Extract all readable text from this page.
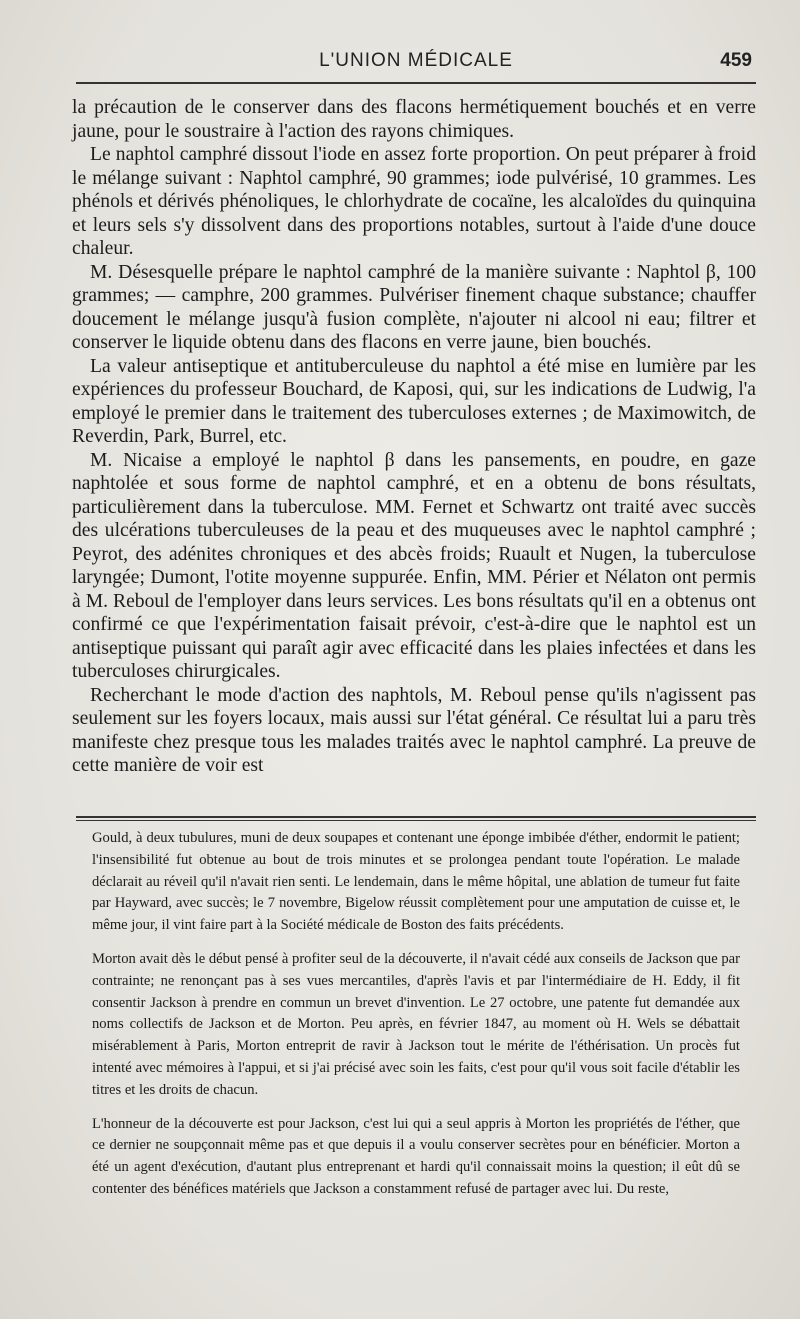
L'UNION MÉDICALE	459

la précaution de le conserver dans des flacons hermétiquement bouchés et en verre jaune, pour le soustraire à l'action des rayons chimiques.

Le naphtol camphré dissout l'iode en assez forte proportion. On peut préparer à froid le mélange suivant : Naphtol camphré, 90 grammes; iode pulvérisé, 10 grammes. Les phénols et dérivés phénoliques, le chlorhydrate de cocaïne, les alcaloïdes du quinquina et leurs sels s'y dissolvent dans des proportions notables, surtout à l'aide d'une douce chaleur.

M. Désesquelle prépare le naphtol camphré de la manière suivante : Naphtol β, 100 grammes; — camphre, 200 grammes. Pulvériser finement chaque substance; chauffer doucement le mélange jusqu'à fusion complète, n'ajouter ni alcool ni eau; filtrer et conserver le liquide obtenu dans des flacons en verre jaune, bien bouchés.

La valeur antiseptique et antituberculeuse du naphtol a été mise en lumière par les expériences du professeur Bouchard, de Kaposi, qui, sur les indications de Ludwig, l'a employé le premier dans le traitement des tuberculoses externes ; de Maximowitch, de Reverdin, Park, Burrel, etc.

M. Nicaise a employé le naphtol β dans les pansements, en poudre, en gaze naphtolée et sous forme de naphtol camphré, et en a obtenu de bons résultats, particulièrement dans la tuberculose. MM. Fernet et Schwartz ont traité avec succès des ulcérations tuberculeuses de la peau et des muqueuses avec le naphtol camphré ; Peyrot, des adénites chroniques et des abcès froids; Ruault et Nugen, la tuberculose laryngée; Dumont, l'otite moyenne suppurée. Enfin, MM. Périer et Nélaton ont permis à M. Reboul de l'employer dans leurs services. Les bons résultats qu'il en a obtenus ont confirmé ce que l'expérimentation faisait prévoir, c'est-à-dire que le naphtol est un antiseptique puissant qui paraît agir avec efficacité dans les plaies infectées et dans les tuberculoses chirurgicales.

Recherchant le mode d'action des naphtols, M. Reboul pense qu'ils n'agissent pas seulement sur les foyers locaux, mais aussi sur l'état général. Ce résultat lui a paru très manifeste chez presque tous les malades traités avec le naphtol camphré. La preuve de cette manière de voir est

Gould, à deux tubulures, muni de deux soupapes et contenant une éponge imbibée d'éther, endormit le patient; l'insensibilité fut obtenue au bout de trois minutes et se prolongea pendant toute l'opération. Le malade déclarait au réveil qu'il n'avait rien senti. Le lendemain, dans le même hôpital, une ablation de tumeur fut faite par Hayward, avec succès; le 7 novembre, Bigelow réussit complètement pour une amputation de cuisse et, le même jour, il vint faire part à la Société médicale de Boston des faits précédents.

Morton avait dès le début pensé à profiter seul de la découverte, il n'avait cédé aux conseils de Jackson que par contrainte; ne renonçant pas à ses vues mercantiles, d'après l'avis et par l'intermédiaire de H. Eddy, il fit consentir Jackson à prendre en commun un brevet d'invention. Le 27 octobre, une patente fut demandée aux noms collectifs de Jackson et de Morton. Peu après, en février 1847, au moment où H. Wels se débattait misérablement à Paris, Morton entreprit de ravir à Jackson tout le mérite de l'éthérisation. Un procès fut intenté avec mémoires à l'appui, et si j'ai précisé avec soin les faits, c'est pour qu'il vous soit facile d'établir les titres et les droits de chacun.

L'honneur de la découverte est pour Jackson, c'est lui qui a seul appris à Morton les propriétés de l'éther, que ce dernier ne soupçonnait même pas et que depuis il a voulu conserver secrètes pour en bénéficier. Morton a été un agent d'exécution, d'autant plus entreprenant et hardi qu'il connaissait moins la question; il eût dû se contenter des bénéfices matériels que Jackson a constamment refusé de partager avec lui. Du reste,
